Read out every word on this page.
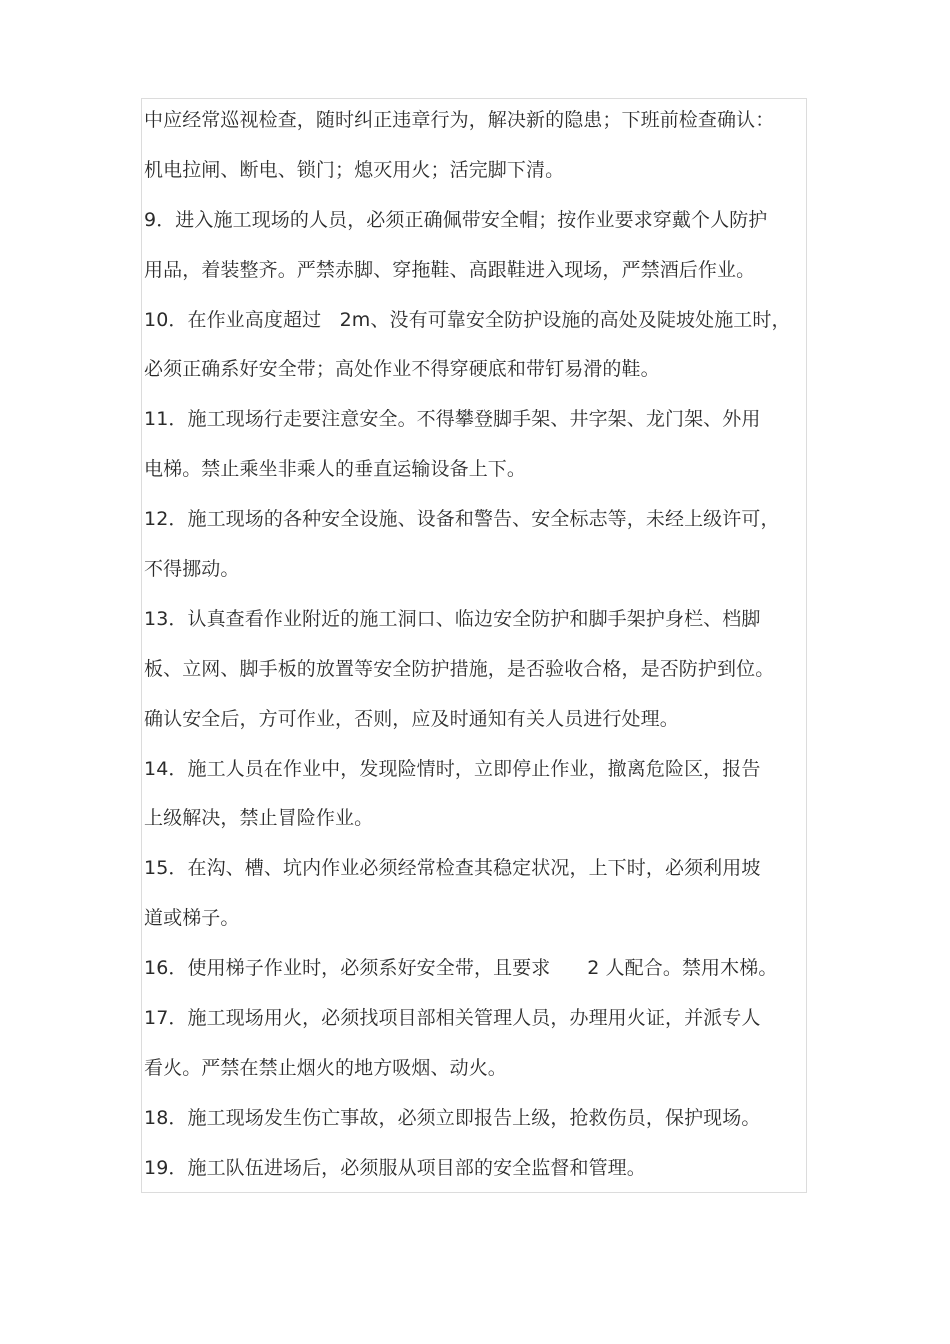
中应经常巡视检查，随时纠正违章行为，解决新的隐患；下班前检查确认：
机电拉闸、断电、锁门；熄灭用火；活完脚下清。
9．进入施工现场的人员，必须正确佩带安全帽；按作业要求穿戴个人防护
用品，着装整齐。严禁赤脚、穿拖鞋、高跟鞋进入现场，严禁酒后作业。
10．在作业高度超过   2m、没有可靠安全防护设施的高处及陡坡处施工时，
必须正确系好安全带；高处作业不得穿硬底和带钉易滑的鞋。
11．施工现场行走要注意安全。不得攀登脚手架、井字架、龙门架、外用
电梯。禁止乘坐非乘人的垂直运输设备上下。
12．施工现场的各种安全设施、设备和警告、安全标志等，未经上级许可，
不得挪动。
13．认真查看作业附近的施工洞口、临边安全防护和脚手架护身栏、档脚
板、立网、脚手板的放置等安全防护措施，是否验收合格，是否防护到位。
确认安全后，方可作业，否则，应及时通知有关人员进行处理。
14．施工人员在作业中，发现险情时，立即停止作业，撤离危险区，报告
上级解决，禁止冒险作业。
15．在沟、槽、坑内作业必须经常检查其稳定状况，上下时，必须利用坡
道或梯子。
16．使用梯子作业时，必须系好安全带，且要求      2 人配合。禁用木梯。
17．施工现场用火，必须找项目部相关管理人员，办理用火证，并派专人
看火。严禁在禁止烟火的地方吸烟、动火。
18．施工现场发生伤亡事故，必须立即报告上级，抢救伤员，保护现场。
19．施工队伍进场后，必须服从项目部的安全监督和管理。
